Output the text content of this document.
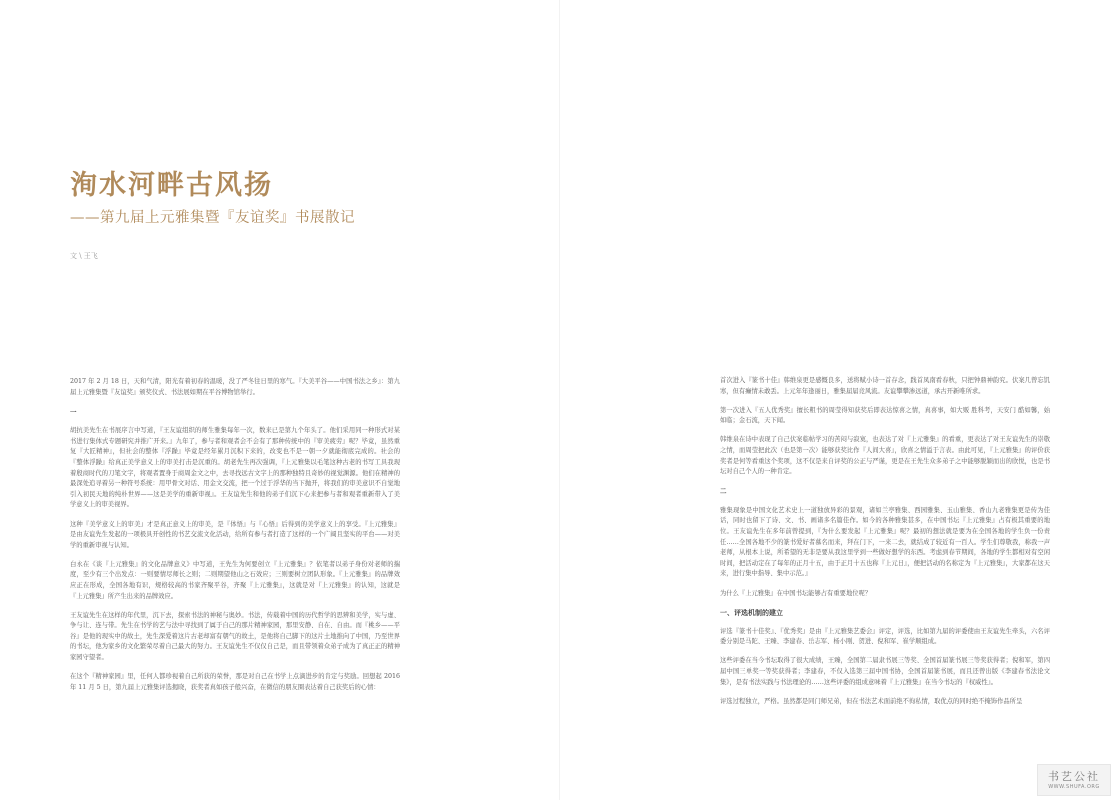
洵水河畔古风扬
——第九届上元雅集暨『友谊奖』书展散记
文 \ 王飞

2017 年 2 月 18 日，天和气清，阳光有着初春的温暖，没了严冬往日里的寒气。『大美平谷——中国书法之乡』：第九届上元雅集暨『友谊奖』颁奖仪式、书法展如期在平谷博物馆举行。

一

胡抗美先生在书展序言中写道，『王友谊组织的师生雅集每年一次，数来已是第九个年头了。他们采用同一种形式对某书进行集体式专题研究并推广开来。』九年了，参与者和观者会不会有了那种传统中的『审美疲劳』呢？毕竟，虽然重复『大匠精神』，但社会的整体『浮躁』毕竟是经年累月沉积下来的，改变也不是一朝一夕就能彻底完成的。社会的『整体浮躁』给真正美学意义上的审美打击是沉重的。胡老先生再次强调，『上元雅集以毛笔这种古老的书写工具我现着殷商时代的刀笔文字，将观者置身于商周金文之中，去寻找远古文字上的那种独特且奇妙的视觉渊源。他们在精神的最深处追寻着另一种符号系统：用甲骨文对话、用金文交流，把一个过于浮华的当下抛开，将我们的审美意识不自觉地引入初民天地的纯朴世界——这是美学的重新审视』。王友谊先生和他的弟子们沉下心来把参与者和观者重新带入了美学意义上的审美视界。

这种『美学意义上的审美』才是真正意义上的审美，是『体悟』与『心悟』后得到的美学意义上的享受。『上元雅集』是由友谊先生发起的一项极具开创性的书艺交流文化活动，给所有参与者打造了这样的一个广阔且坚实的平台——对美学的重新审视与认知。

白永在《谈『上元雅集』的文化品牌意义》中写道，王先生为何要创立『上元雅集』？依笔者以弟子身份对老师的揣度，至少有三个出发点：一则要情尽师长之则；二则期望他山之石效应；三则要树立团队形象。『上元雅集』的品牌效应正在形成，全国各地有识，规格较高的书家齐聚平谷，齐聚『上元雅集』，这就是对『上元雅集』的认知，这就是『上元雅集』所产生出来的品牌效应。

王友谊先生在这样的年代里，沉下去，探索书法的神秘与奥妙。书法，传载着中国的历代哲学的思辨和美学，实与虚、争与让、连与带。先生在书学的艺与法中寻找到了属于自己的那片精神家园，那里安静、自在、自由。而『桃乡——平谷』是他的现实中的故土，先生深爱着这片古老却富有朝气的故土，是他将自己脚下的这片土地推向了中国，乃至世界的书坛，他为家乡的文化繁荣尽着自己最大的努力。王友谊先生不仅仅自己是，而且带领着众弟子成为了真正正的精神家园守望者。

在这个『精神家园』里，任何人都珍视着自己所获的荣誉，那是对自己在书学上点滴进步的肯定与奖励。回想起 2016 年 11 月 5 日，第九届上元雅集评选揭晓，获奖者真如孩子般兴奋，在微信的朋友圈表达着自己获奖后的心情：

首次进入『篆书十佳』韩维泉更是感慨良多，送将赋小诗一首存念，践首凤南看春秋，只把钟鼎神韵究。伏案几曾忘饥寒，但有癫情未敢丢。上元年年逢丽日，雅集届届竞风流。友谊攀攀渗远道，承古开新唯所求。

第一次进入『五人优秀奖』擅长粗书的周莹得知获奖后即表达惊喜之情，真喜事，如大贩 胜科考，天安门 酷如馨，始如临；金石流，天下闻。

韩维泉在诗中表现了自己伏案临帖学习的苦闷与寂寞，也表达了对『上元雅集』的看重，更表达了对王友谊先生的崇敬之情，而周莹把此次（也是第一次）能够获奖比作『人间大喜』，欣喜之情溢于言表。由此可见，『上元雅集』的评价获奖者是何等看重这个奖项，这不仅是来自评奖的公正与严谨，更是在王先生众多弟子之中能够脱颖而出的欣悦，也是书坛对自己个人的一种肯定。

二

雅集现象是中国文化艺术史上一道独放异彩的景观，诸如兰亭雅集、西园雅集、玉山雅集、香山九老雅集更是传为佳话，同时也留下了诗、文、书、画诸多名篇佳作。如今的各种雅集甚多，在中国书坛『上元雅集』占有极其重要的地位。王友谊先生在多年前曾提到，『为什么要发起『上元雅集』呢？最初的想法就是要为在全国各地的学生负一份责任……全国各地不少的篆书爱好者慕名而来，拜在门下，一来二去，就结成了较近有一百人。学生们尊敬我，称我一声老师，从根本上说，所希望的无非是要从我这里学到一些做好想学的东西。考虑到春节期间，各地的学生都相对有空闲时间，把活动定在了每年的正月十五，由于正月十五也称『上元日』，便把活动的名称定为『上元雅集』，大家都在这天来，进行集中指导、集中示范。』

为什么『上元雅集』在中国书坛能够占有重要地位呢？

一、评选机制的建立

评选『篆书十佳奖』、『优秀奖』是由『上元雅集艺委会』评定，评选，比如第九届的评委使由王友谊先生牵头，六名评委分别是马陀、王臻、李建春、岳志军、杨小刚、贺进、倪和军、崔学顺组成。

这些评委在当今书坛取得了很大成绩，王臻，全国第二届隶书展三等奖、全国首届篆书展三等奖获得者；倪和军，第四届中国三单奖一等奖获得者；李建春，不仅入选第三届中国书协，全国首届篆书展，而且还曾出版《李建春书法论文集》，是有书法实践与书法理论的……这些评委的组成意味着『上元雅集』在当今书坛的『权威性』。

评选过程独立，严格。虽然都是同门师兄弟，但在书法艺术面前绝不徇私情，取优点的同时绝不掩饰作品所呈

书艺公社
WWW.SHUFA.ORG
